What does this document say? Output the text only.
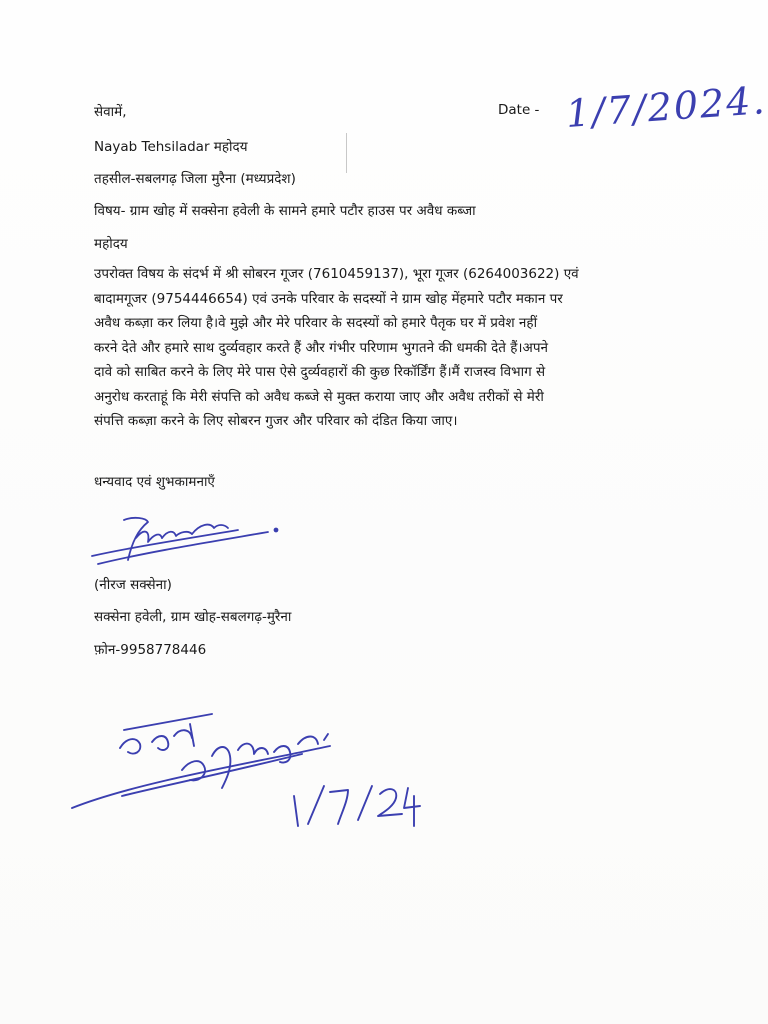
सेवामें,	Date - 1/7/2024.
Nayab Tehsiladar महोदय
तहसील-सबलगढ़ जिला मुरैना (मध्यप्रदेश)
विषय- ग्राम खोह में सक्सेना हवेली के सामने हमारे पटौर हाउस पर अवैध कब्जा
महोदय
उपरोक्त विषय के संदर्भ में श्री सोबरन गूजर (7610459137), भूरा गूजर (6264003622) एवं
बादामगूजर (9754446654) एवं उनके परिवार के सदस्यों ने ग्राम खोह मेंहमारे पटौर मकान पर
अवैध कब्ज़ा कर लिया है।वे मुझे और मेरे परिवार के सदस्यों को हमारे पैतृक घर में प्रवेश नहीं
करने देते और हमारे साथ दुर्व्यवहार करते हैं और गंभीर परिणाम भुगतने की धमकी देते हैं।अपने
दावे को साबित करने के लिए मेरे पास ऐसे दुर्व्यवहारों की कुछ रिकॉर्डिंग हैं।मैं राजस्व विभाग से
अनुरोध करताहूं कि मेरी संपत्ति को अवैध कब्जे से मुक्त कराया जाए और अवैध तरीकों से मेरी
संपत्ति कब्ज़ा करने के लिए सोबरन गुजर और परिवार को दंडित किया जाए।
धन्यवाद एवं शुभकामनाएँ
(नीरज सक्सेना)
सक्सेना हवेली, ग्राम खोह-सबलगढ़-मुरैना
फ़ोन-9958778446
